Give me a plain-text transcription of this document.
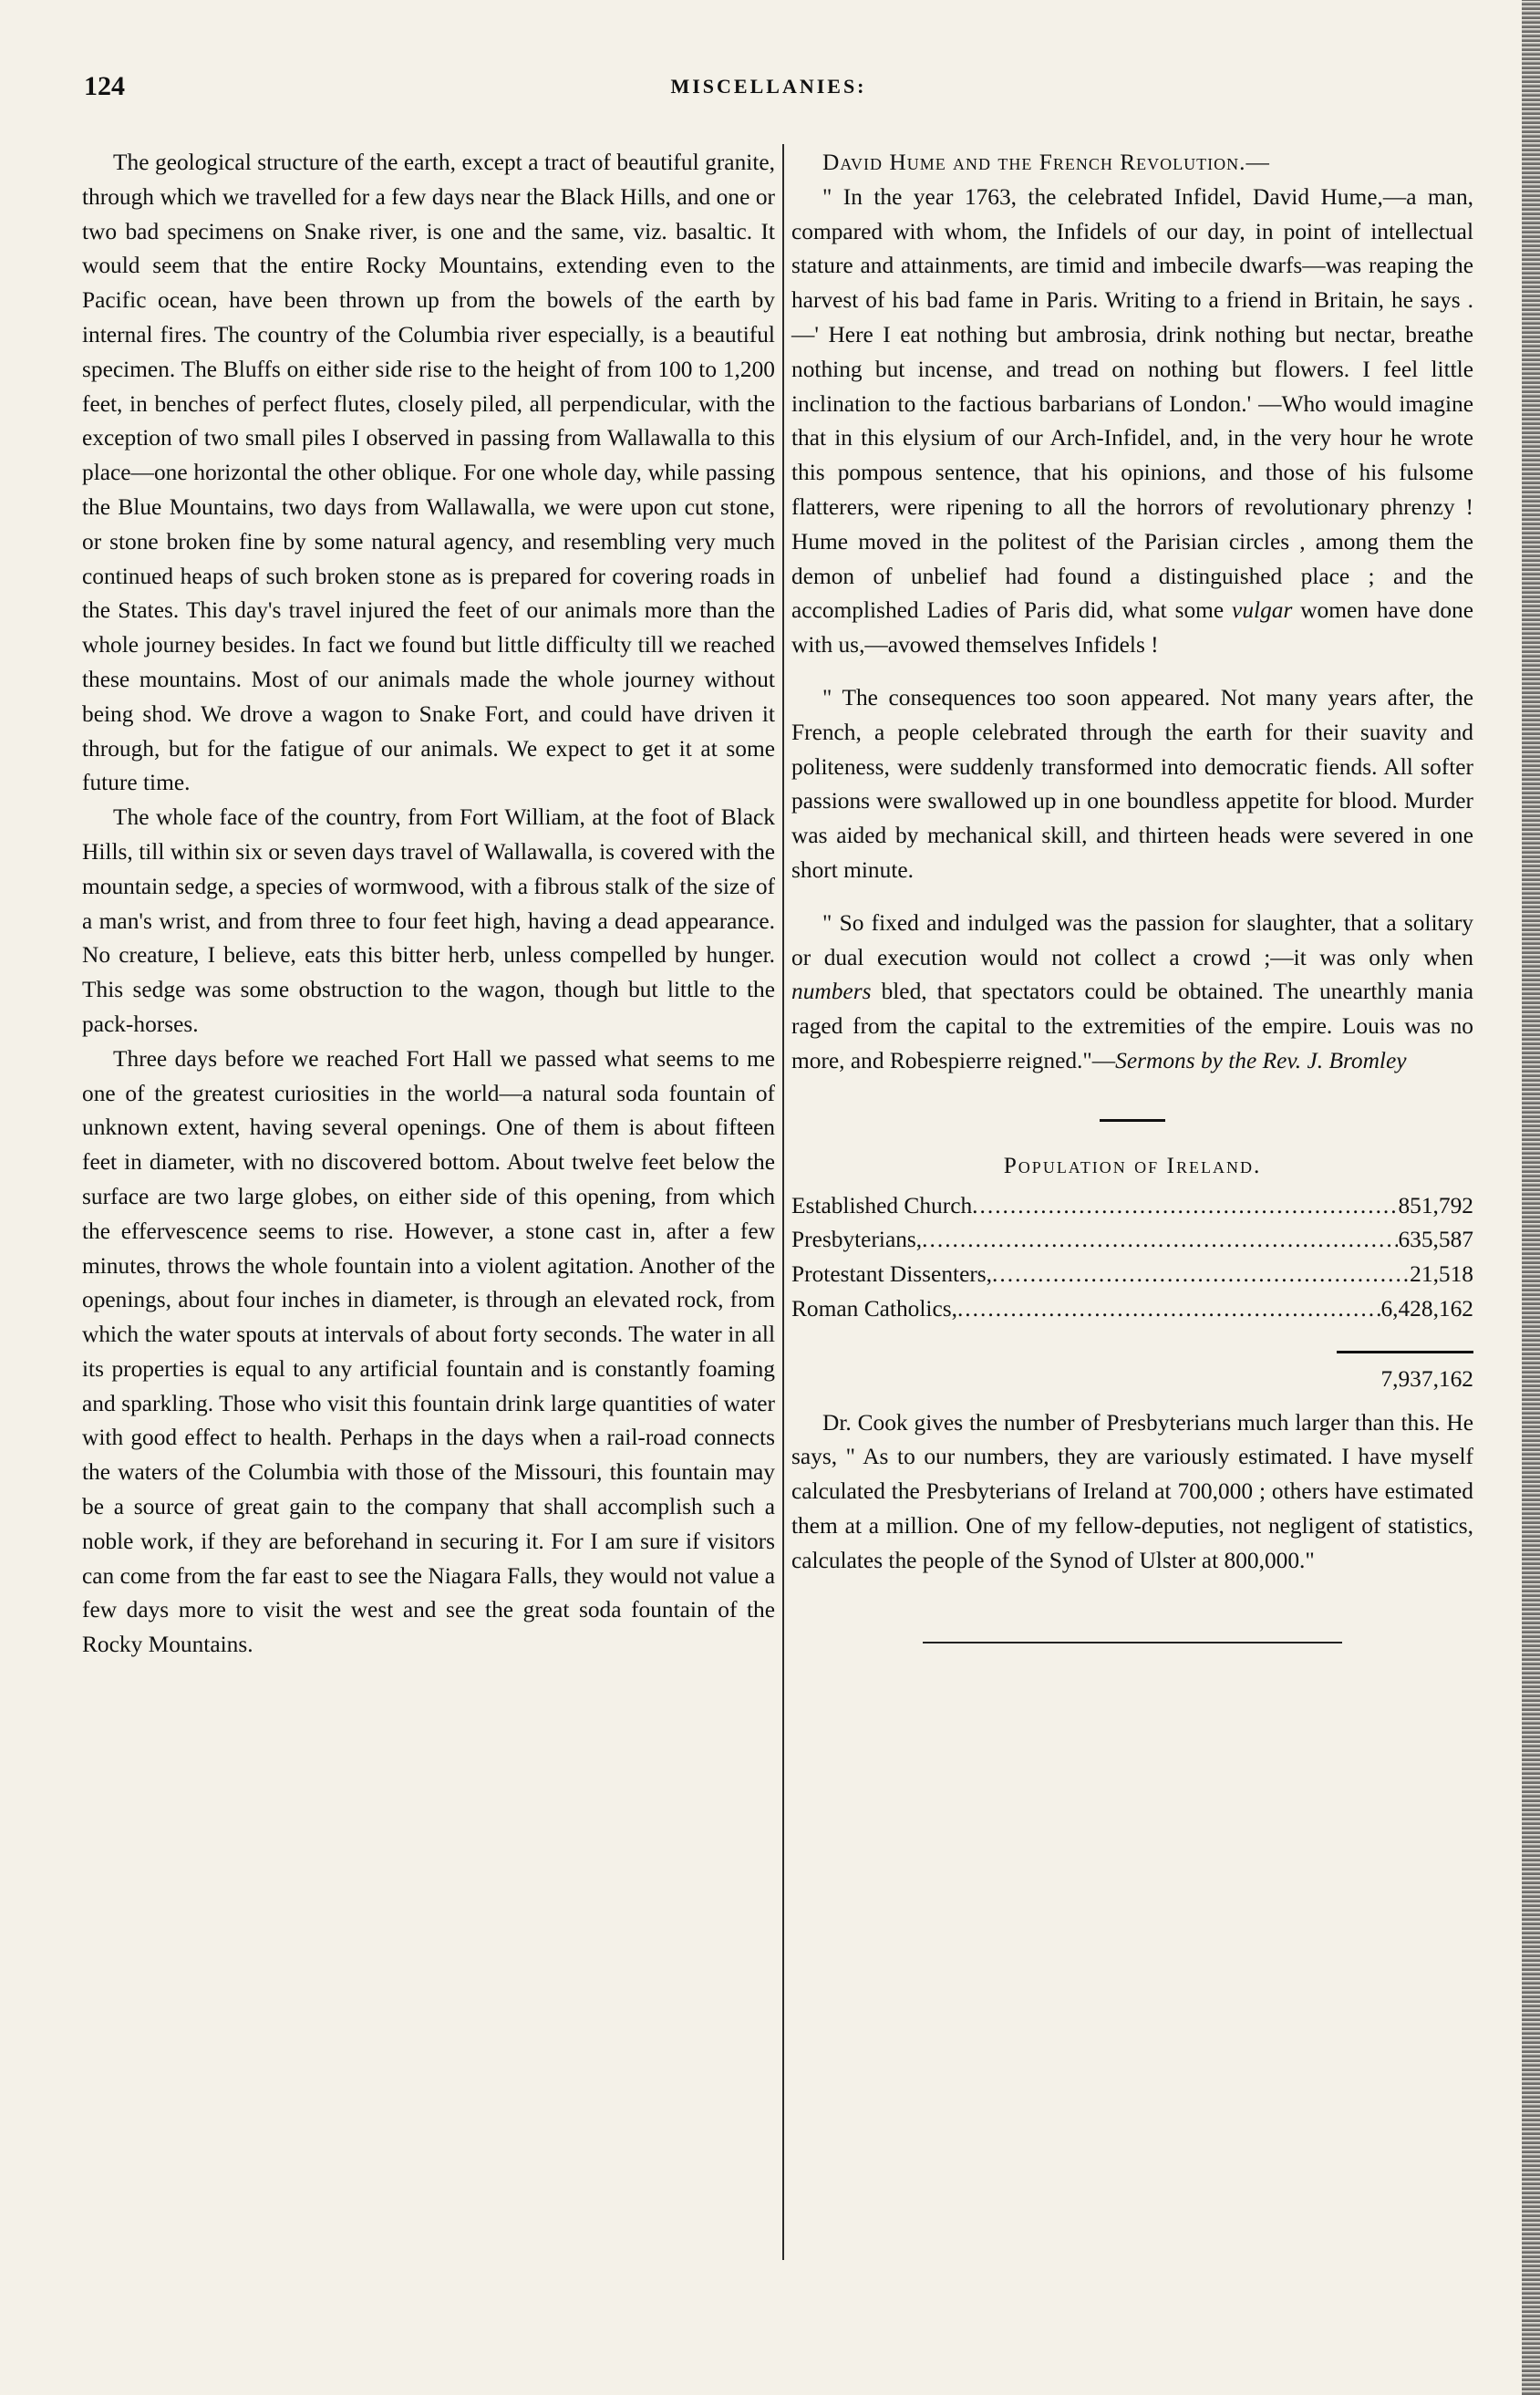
124	MISCELLANIES:

The geological structure of the earth, except a tract of beautiful granite, through which we travelled for a few days near the Black Hills, and one or two bad specimens on Snake river, is one and the same, viz. basaltic. It would seem that the entire Rocky Mountains, extending even to the Pacific ocean, have been thrown up from the bowels of the earth by internal fires. The country of the Columbia river especially, is a beautiful specimen. The Bluffs on either side rise to the height of from 100 to 1,200 feet, in benches of perfect flutes, closely piled, all perpendicular, with the exception of two small piles I observed in passing from Wallawalla to this place—one horizontal the other oblique. For one whole day, while passing the Blue Mountains, two days from Wallawalla, we were upon cut stone, or stone broken fine by some natural agency, and resembling very much continued heaps of such broken stone as is prepared for covering roads in the States. This day's travel injured the feet of our animals more than the whole journey besides. In fact we found but little difficulty till we reached these mountains. Most of our animals made the whole journey without being shod. We drove a wagon to Snake Fort, and could have driven it through, but for the fatigue of our animals. We expect to get it at some future time.

The whole face of the country, from Fort William, at the foot of Black Hills, till within six or seven days travel of Wallawalla, is covered with the mountain sedge, a species of wormwood, with a fibrous stalk of the size of a man's wrist, and from three to four feet high, having a dead appearance. No creature, I believe, eats this bitter herb, unless compelled by hunger. This sedge was some obstruction to the wagon, though but little to the pack-horses.

Three days before we reached Fort Hall we passed what seems to me one of the greatest curiosities in the world—a natural soda fountain of unknown extent, having several openings. One of them is about fifteen feet in diameter, with no discovered bottom. About twelve feet below the surface are two large globes, on either side of this opening, from which the effervescence seems to rise. However, a stone cast in, after a few minutes, throws the whole fountain into a violent agitation. Another of the openings, about four inches in diameter, is through an elevated rock, from which the water spouts at intervals of about forty seconds. The water in all its properties is equal to any artificial fountain and is constantly foaming and sparkling. Those who visit this fountain drink large quantities of water with good effect to health. Perhaps in the days when a rail-road connects the waters of the Columbia with those of the Missouri, this fountain may be a source of great gain to the company that shall accomplish such a noble work, if they are beforehand in securing it. For I am sure if visitors can come from the far east to see the Niagara Falls, they would not value a few days more to visit the west and see the great soda fountain of the Rocky Mountains.

David Hume and the French Revolution.—

" In the year 1763, the celebrated Infidel, David Hume,—a man, compared with whom, the Infidels of our day, in point of intellectual stature and attainments, are timid and imbecile dwarfs—was reaping the harvest of his bad fame in Paris. Writing to a friend in Britain, he says .—' Here I eat nothing but ambrosia, drink nothing but nectar, breathe nothing but incense, and tread on nothing but flowers. I feel little inclination to the factious barbarians of London.' —Who would imagine that in this elysium of our Arch-Infidel, and, in the very hour he wrote this pompous sentence, that his opinions, and those of his fulsome flatterers, were ripening to all the horrors of revolutionary phrenzy ! Hume moved in the politest of the Parisian circles , among them the demon of unbelief had found a distinguished place ; and the accomplished Ladies of Paris did, what some vulgar women have done with us,—avowed themselves Infidels !

" The consequences too soon appeared. Not many years after, the French, a people celebrated through the earth for their suavity and politeness, were suddenly transformed into democratic fiends. All softer passions were swallowed up in one boundless appetite for blood. Murder was aided by mechanical skill, and thirteen heads were severed in one short minute.

" So fixed and indulged was the passion for slaughter, that a solitary or dual execution would not collect a crowd ;—it was only when numbers bled, that spectators could be obtained. The unearthly mania raged from the capital to the extremities of the empire. Louis was no more, and Robespierre reigned."—Sermons by the Rev. J. Bromley

Population of Ireland.
Established Church .....	851,792
Presbyterians, .....	635,587
Protestant Dissenters, .....	21,518
Roman Catholics, .....	6,428,162
7,937,162

Dr. Cook gives the number of Presbyterians much larger than this. He says, " As to our numbers, they are variously estimated. I have myself calculated the Presbyterians of Ireland at 700,000 ; others have estimated them at a million. One of my fellow-deputies, not negligent of statistics, calculates the people of the Synod of Ulster at 800,000."
